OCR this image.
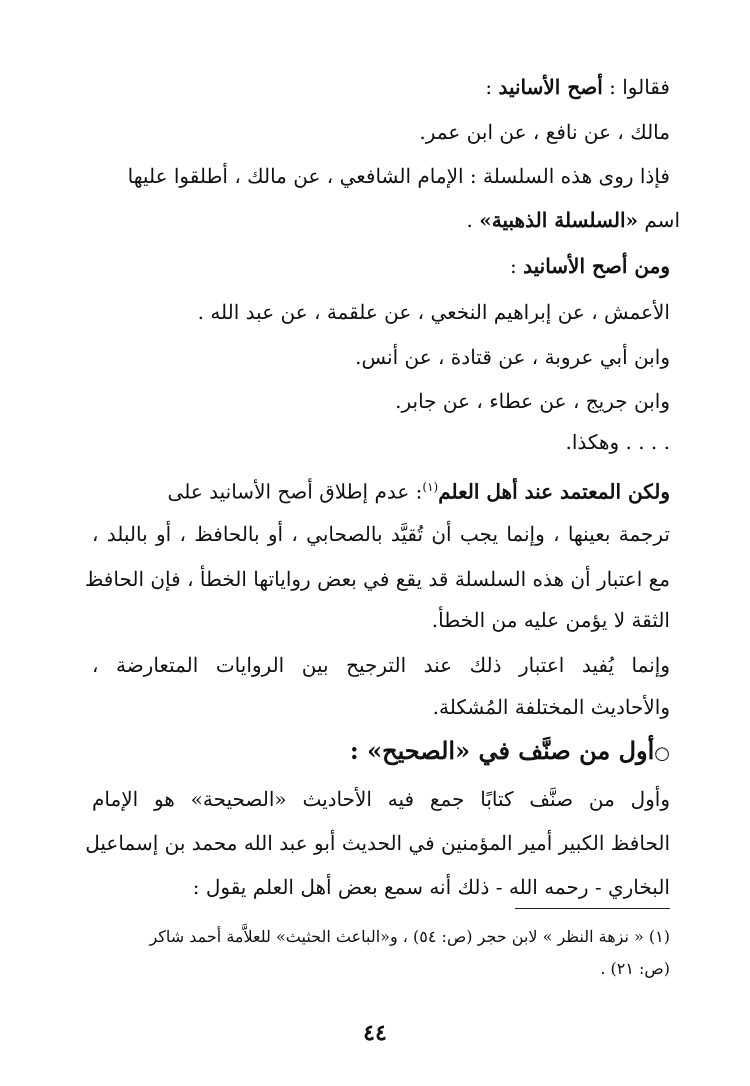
فقالوا : أصح الأسانيد :
مالك ، عن نافع ، عن ابن عمر.
فإذا روى هذه السلسلة : الإمام الشافعي ، عن مالك ، أطلقوا عليها
اسم «السلسلة الذهبية» .
ومن أصح الأسانيد :
الأعمش ، عن إبراهيم النخعي ، عن علقمة ، عن عبد الله .
وابن أبي عروبة ، عن قتادة ، عن أنس.
وابن جريج ، عن عطاء ، عن جابر.
. . . . وهكذا.
ولكن المعتمد عند أهل العلم$^{(١)}$: عدم إطلاق أصح الأسانيد على
ترجمة بعينها ، وإنما يجب أن تُقيَّد بالصحابي ، أو بالحافظ ، أو بالبلد ،
مع اعتبار أن هذه السلسلة قد يقع في بعض رواياتها الخطأ ، فإن الحافظ
الثقة لا يؤمن عليه من الخطأ.
وإنما يُفيد اعتبار ذلك عند الترجيح بين الروايات المتعارضة ،
والأحاديث المختلفة المُشكلة.
○أول من صنَّف في «الصحيح» :
وأول من صنَّف كتابًا جمع فيه الأحاديث «الصحيحة» هو الإمام
الحافظ الكبير أمير المؤمنين في الحديث أبو عبد الله محمد بن إسماعيل
البخاري - رحمه الله - ذلك أنه سمع بعض أهل العلم يقول :
(١) « نزهة النظر » لابن حجر (ص: ٥٤) ، و«الباعث الحثيث» للعلاَّمة أحمد شاكر
(ص: ٢١) .
٤٤
